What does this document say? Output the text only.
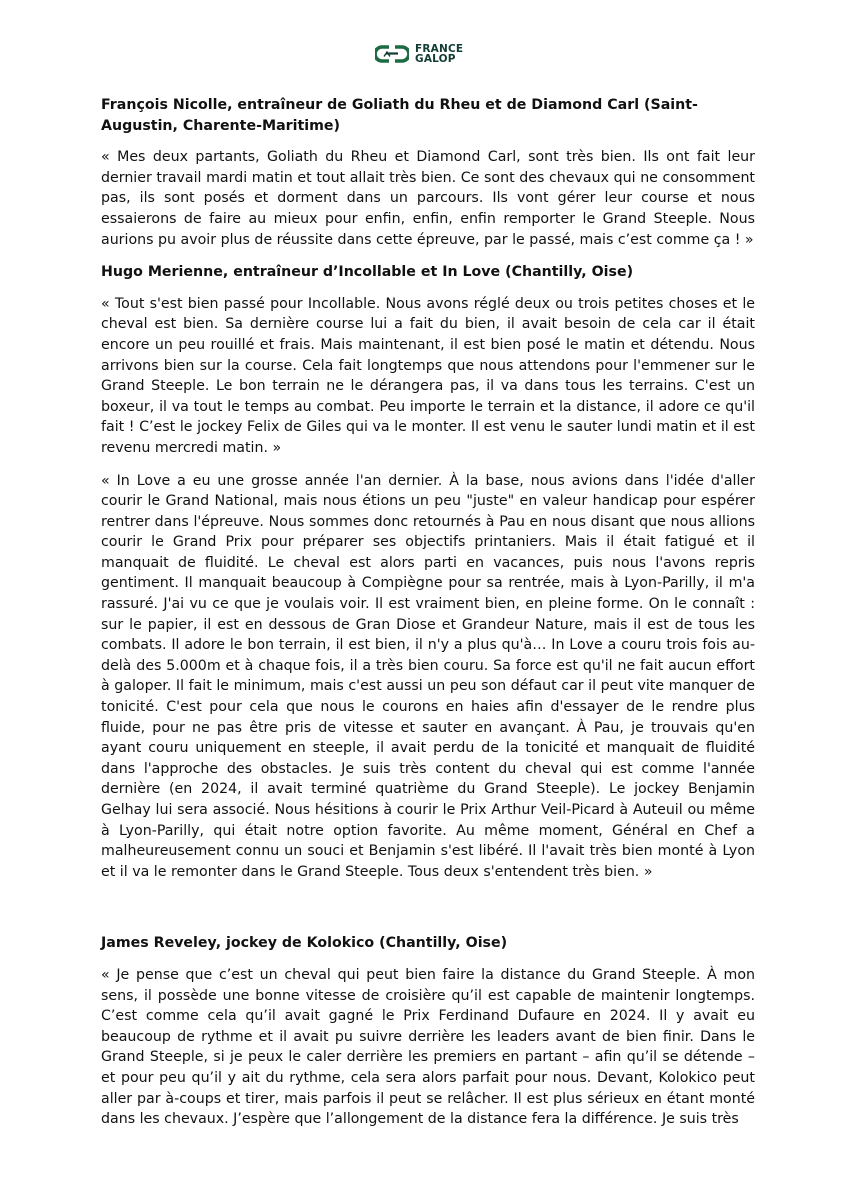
FRANCE
GALOP

François Nicolle, entraîneur de Goliath du Rheu et de Diamond Carl (Saint-Augustin, Charente-Maritime)

« Mes deux partants, Goliath du Rheu et Diamond Carl, sont très bien. Ils ont fait leur dernier travail mardi matin et tout allait très bien. Ce sont des chevaux qui ne consomment pas, ils sont posés et dorment dans un parcours. Ils vont gérer leur course et nous essaierons de faire au mieux pour enfin, enfin, enfin remporter le Grand Steeple. Nous aurions pu avoir plus de réussite dans cette épreuve, par le passé, mais c’est comme ça ! »

Hugo Merienne, entraîneur d’Incollable et In Love (Chantilly, Oise)

« Tout s'est bien passé pour Incollable. Nous avons réglé deux ou trois petites choses et le cheval est bien. Sa dernière course lui a fait du bien, il avait besoin de cela car il était encore un peu rouillé et frais. Mais maintenant, il est bien posé le matin et détendu. Nous arrivons bien sur la course. Cela fait longtemps que nous attendons pour l'emmener sur le Grand Steeple. Le bon terrain ne le dérangera pas, il va dans tous les terrains. C'est un boxeur, il va tout le temps au combat. Peu importe le terrain et la distance, il adore ce qu'il fait ! C’est le jockey Felix de Giles qui va le monter. Il est venu le sauter lundi matin et il est revenu mercredi matin. »

« In Love a eu une grosse année l'an dernier. À la base, nous avions dans l'idée d'aller courir le Grand National, mais nous étions un peu "juste" en valeur handicap pour espérer rentrer dans l'épreuve. Nous sommes donc retournés à Pau en nous disant que nous allions courir le Grand Prix pour préparer ses objectifs printaniers. Mais il était fatigué et il manquait de fluidité. Le cheval est alors parti en vacances, puis nous l'avons repris gentiment. Il manquait beaucoup à Compiègne pour sa rentrée, mais à Lyon-Parilly, il m'a rassuré. J'ai vu ce que je voulais voir. Il est vraiment bien, en pleine forme. On le connaît : sur le papier, il est en dessous de Gran Diose et Grandeur Nature, mais il est de tous les combats. Il adore le bon terrain, il est bien, il n'y a plus qu'à… In Love a couru trois fois au-delà des 5.000m et à chaque fois, il a très bien couru. Sa force est qu'il ne fait aucun effort à galoper. Il fait le minimum, mais c'est aussi un peu son défaut car il peut vite manquer de tonicité. C'est pour cela que nous le courons en haies afin d'essayer de le rendre plus fluide, pour ne pas être pris de vitesse et sauter en avançant. À Pau, je trouvais qu'en ayant couru uniquement en steeple, il avait perdu de la tonicité et manquait de fluidité dans l'approche des obstacles. Je suis très content du cheval qui est comme l'année dernière (en 2024, il avait terminé quatrième du Grand Steeple). Le jockey Benjamin Gelhay lui sera associé. Nous hésitions à courir le Prix Arthur Veil-Picard à Auteuil ou même à Lyon-Parilly, qui était notre option favorite. Au même moment, Général en Chef a malheureusement connu un souci et Benjamin s'est libéré. Il l'avait très bien monté à Lyon et il va le remonter dans le Grand Steeple. Tous deux s'entendent très bien. »

James Reveley, jockey de Kolokico (Chantilly, Oise)

« Je pense que c’est un cheval qui peut bien faire la distance du Grand Steeple. À mon sens, il possède une bonne vitesse de croisière qu’il est capable de maintenir longtemps. C’est comme cela qu’il avait gagné le Prix Ferdinand Dufaure en 2024. Il y avait eu beaucoup de rythme et il avait pu suivre derrière les leaders avant de bien finir. Dans le Grand Steeple, si je peux le caler derrière les premiers en partant – afin qu’il se détende – et pour peu qu’il y ait du rythme, cela sera alors parfait pour nous. Devant, Kolokico peut aller par à-coups et tirer, mais parfois il peut se relâcher. Il est plus sérieux en étant monté dans les chevaux. J’espère que l’allongement de la distance fera la différence. Je suis très
